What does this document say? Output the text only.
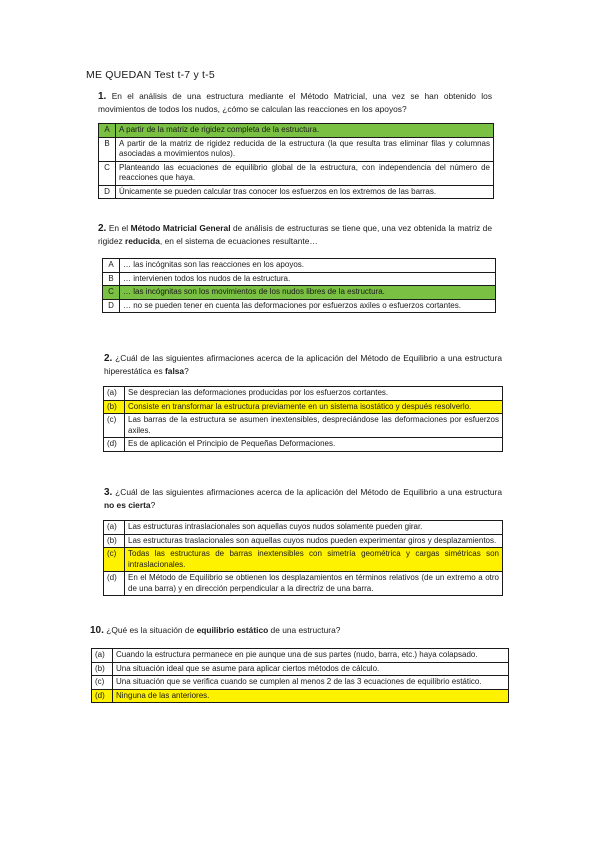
ME QUEDAN Test t-7 y t-5
1. En el análisis de una estructura mediante el Método Matricial, una vez se han obtenido los movimientos de todos los nudos, ¿cómo se calculan las reacciones en los apoyos?
A	A partir de la matriz de rigidez completa de la estructura.
B	A partir de la matriz de rigidez reducida de la estructura (la que resulta tras eliminar filas y columnas asociadas a movimientos nulos).
C	Planteando las ecuaciones de equilibrio global de la estructura, con independencia del número de reacciones que haya.
D	Únicamente se pueden calcular tras conocer los esfuerzos en los extremos de las barras.
2. En el Método Matricial General de análisis de estructuras se tiene que, una vez obtenida la matriz de rigidez reducida, en el sistema de ecuaciones resultante…
A	… las incógnitas son las reacciones en los apoyos.
B	… intervienen todos los nudos de la estructura.
C	… las incógnitas son los movimientos de los nudos libres de la estructura.
D	… no se pueden tener en cuenta las deformaciones por esfuerzos axiles o esfuerzos cortantes.
2. ¿Cuál de las siguientes afirmaciones acerca de la aplicación del Método de Equilibrio a una estructura hiperestática es falsa?
(a)	Se desprecian las deformaciones producidas por los esfuerzos cortantes.
(b)	Consiste en transformar la estructura previamente en un sistema isostático y después resolverlo.
(c)	Las barras de la estructura se asumen inextensibles, despreciándose las deformaciones por esfuerzos axiles.
(d)	Es de aplicación el Principio de Pequeñas Deformaciones.
3. ¿Cuál de las siguientes afirmaciones acerca de la aplicación del Método de Equilibrio a una estructura no es cierta?
(a)	Las estructuras intraslacionales son aquellas cuyos nudos solamente pueden girar.
(b)	Las estructuras traslacionales son aquellas cuyos nudos pueden experimentar giros y desplazamientos.
(c)	Todas las estructuras de barras inextensibles con simetría geométrica y cargas simétricas son intraslacionales.
(d)	En el Método de Equilibrio se obtienen los desplazamientos en términos relativos (de un extremo a otro de una barra) y en dirección perpendicular a la directriz de una barra.
10. ¿Qué es la situación de equilibrio estático de una estructura?
(a)	Cuando la estructura permanece en pie aunque una de sus partes (nudo, barra, etc.) haya colapsado.
(b)	Una situación ideal que se asume para aplicar ciertos métodos de cálculo.
(c)	Una situación que se verifica cuando se cumplen al menos 2 de las 3 ecuaciones de equilibrio estático.
(d)	Ninguna de las anteriores.
